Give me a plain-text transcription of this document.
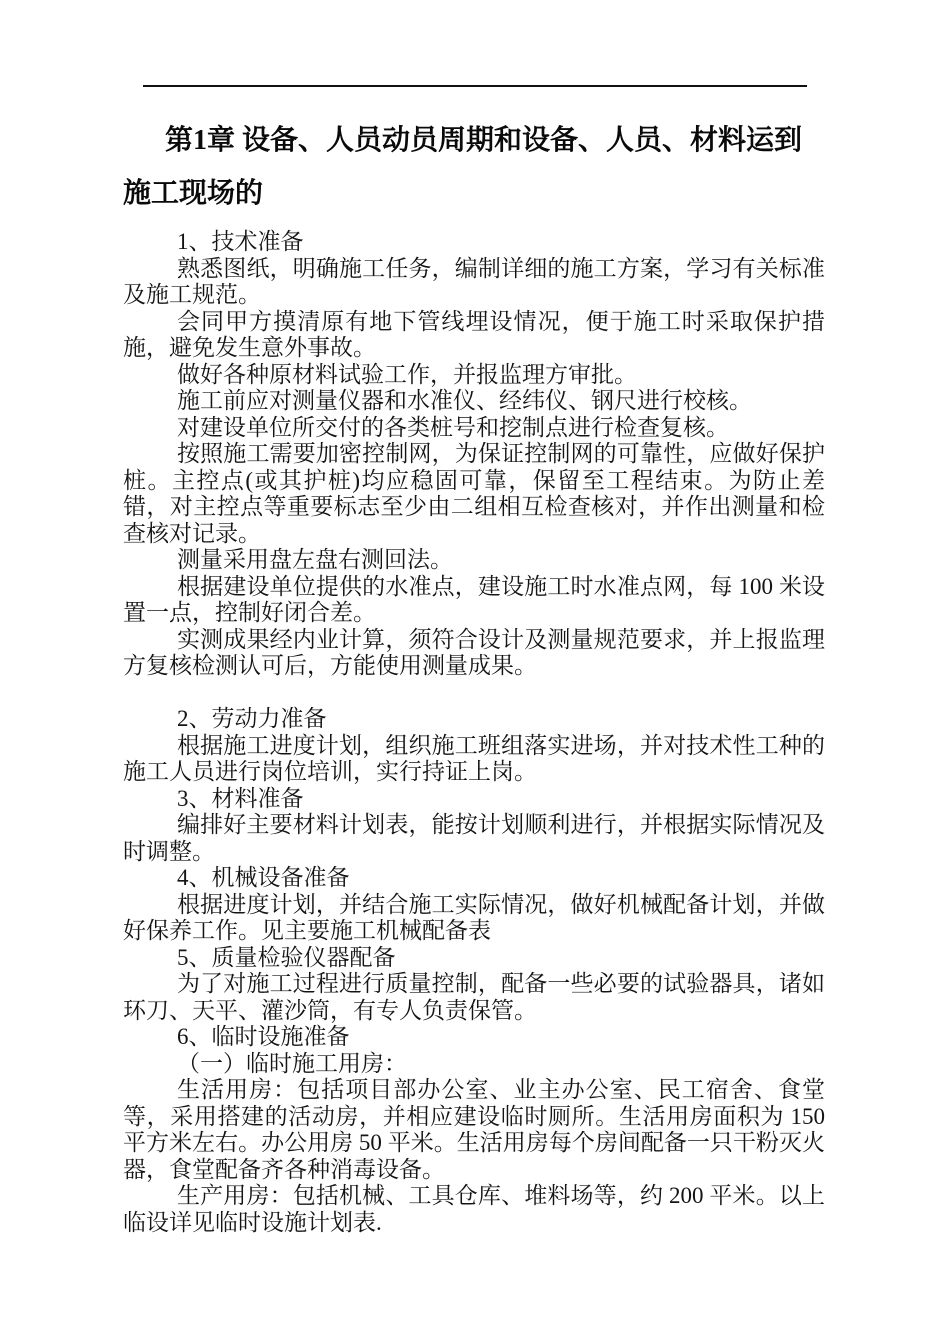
第1章 设备、人员动员周期和设备、人员、材料运到施工现场的

1、技术准备

熟悉图纸，明确施工任务，编制详细的施工方案，学习有关标准及施工规范。

会同甲方摸清原有地下管线埋设情况，便于施工时采取保护措施，避免发生意外事故。

做好各种原材料试验工作，并报监理方审批。

施工前应对测量仪器和水准仪、经纬仪、钢尺进行校核。

对建设单位所交付的各类桩号和挖制点进行检查复核。

按照施工需要加密控制网，为保证控制网的可靠性，应做好保护桩。主控点(或其护桩)均应稳固可靠，保留至工程结束。为防止差错，对主控点等重要标志至少由二组相互检查核对，并作出测量和检查核对记录。

测量采用盘左盘右测回法。

根据建设单位提供的水准点，建设施工时水准点网，每 100 米设置一点，控制好闭合差。

实测成果经内业计算，须符合设计及测量规范要求，并上报监理方复核检测认可后，方能使用测量成果。

2、劳动力准备

根据施工进度计划，组织施工班组落实进场，并对技术性工种的施工人员进行岗位培训，实行持证上岗。

3、材料准备

编排好主要材料计划表，能按计划顺利进行，并根据实际情况及时调整。

4、机械设备准备

根据进度计划，并结合施工实际情况，做好机械配备计划，并做好保养工作。见主要施工机械配备表

5、质量检验仪器配备

为了对施工过程进行质量控制，配备一些必要的试验器具，诸如环刀、天平、灌沙筒，有专人负责保管。

6、临时设施准备

（一）临时施工用房：

生活用房：包括项目部办公室、业主办公室、民工宿舍、食堂等，采用搭建的活动房，并相应建设临时厕所。生活用房面积为 150 平方米左右。办公用房 50 平米。生活用房每个房间配备一只干粉灭火器，食堂配备齐各种消毒设备。

生产用房：包括机械、工具仓库、堆料场等，约 200 平米。以上临设详见临时设施计划表.
